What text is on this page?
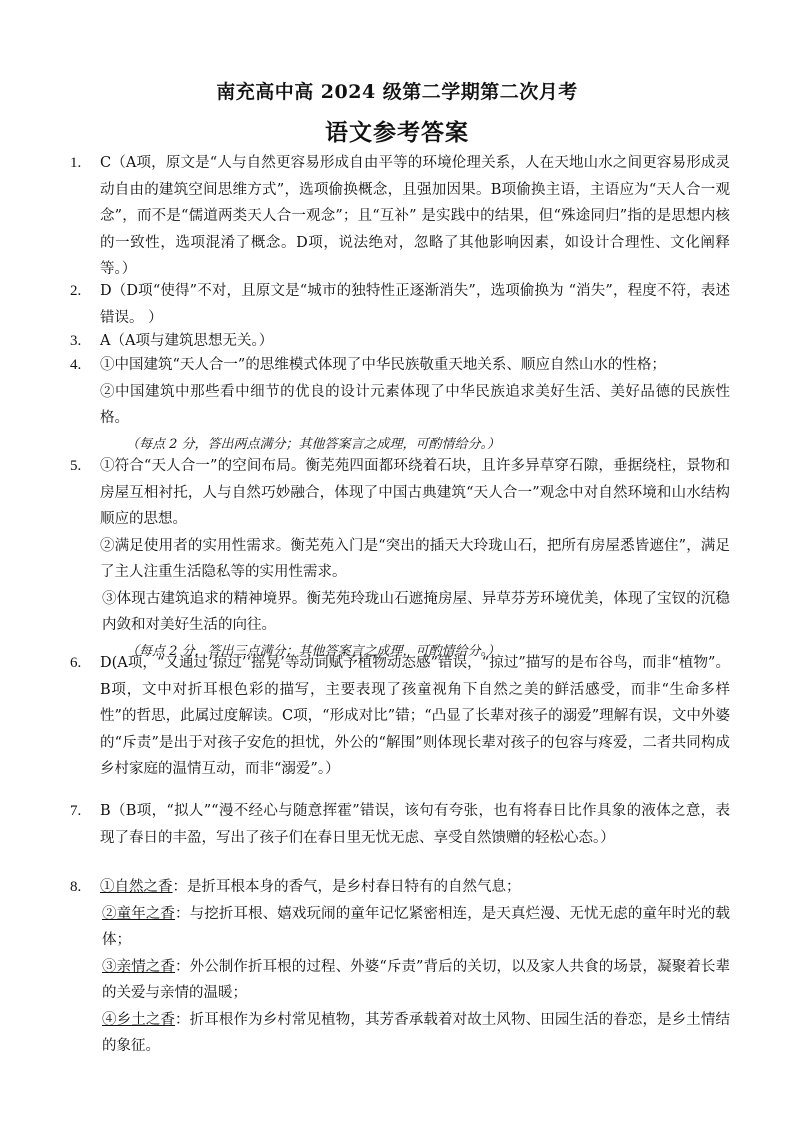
南充高中高 2024 级第二学期第二次月考
语文参考答案
1.	C（A项，原文是“人与自然更容易形成自由平等的环境伦理关系，人在天地山水之间更容易形成灵动自由的建筑空间思维方式”，选项偷换概念，且强加因果。B项偷换主语，主语应为“天人合一观念”，而不是“儒道两类天人合一观念”；且“互补” 是实践中的结果，但“殊途同归”指的是思想内核的一致性，选项混淆了概念。D项，说法绝对，忽略了其他影响因素，如设计合理性、文化阐释等。）
2.	D（D项“使得”不对，且原文是“城市的独特性正逐渐消失”，选项偷换为 “消失”，程度不符，表述错误。 ）
3.	A（A项与建筑思想无关。）
4.	①中国建筑“天人合一”的思维模式体现了中华民族敬重天地关系、顺应自然山水的性格；
②中国建筑中那些看中细节的优良的设计元素体现了中华民族追求美好生活、美好品德的民族性格。
（每点 2 分，答出两点满分；其他答案言之成理，可酌情给分。）
5.	①符合“天人合一”的空间布局。衡芜苑四面都环绕着石块，且许多异草穿石隙，垂据绕柱，景物和房屋互相衬托，人与自然巧妙融合，体现了中国古典建筑“天人合一”观念中对自然环境和山水结构顺应的思想。
②满足使用者的实用性需求。衡芜苑入门是“突出的插天大玲珑山石，把所有房屋悉皆遮住”，满足了主人注重生活隐私等的实用性需求。
③体现古建筑追求的精神境界。衡芜苑玲珑山石遮掩房屋、异草芬芳环境优美，体现了宝钗的沉稳内敛和对美好生活的向往。
（每点 2 分，答出三点满分；其他答案言之成理，可酌情给分。）
6.	D(A项，“又通过‘掠过’‘摇晃’等动词赋予植物动态感”错误，“掠过”描写的是布谷鸟，而非“植物”。B项，文中对折耳根色彩的描写，主要表现了孩童视角下自然之美的鲜活感受，而非“生命多样性”的哲思，此属过度解读。C项，“形成对比”错；“凸显了长辈对孩子的溺爱”理解有误，文中外婆的“斥责”是出于对孩子安危的担忧，外公的“解围”则体现长辈对孩子的包容与疼爱，二者共同构成乡村家庭的温情互动，而非“溺爱”。）
7.	B（B项，“拟人”“漫不经心与随意挥霍”错误，该句有夸张，也有将春日比作具象的液体之意，表现了春日的丰盈，写出了孩子们在春日里无忧无虑、享受自然馈赠的轻松心态。）
8.	①自然之香：是折耳根本身的香气，是乡村春日特有的自然气息；
②童年之香：与挖折耳根、嬉戏玩闹的童年记忆紧密相连，是天真烂漫、无忧无虑的童年时光的载体；
③亲情之香：外公制作折耳根的过程、外婆“斥责”背后的关切，以及家人共食的场景，凝聚着长辈的关爱与亲情的温暖；
④乡土之香：折耳根作为乡村常见植物，其芳香承载着对故土风物、田园生活的眷恋，是乡土情结的象征。
